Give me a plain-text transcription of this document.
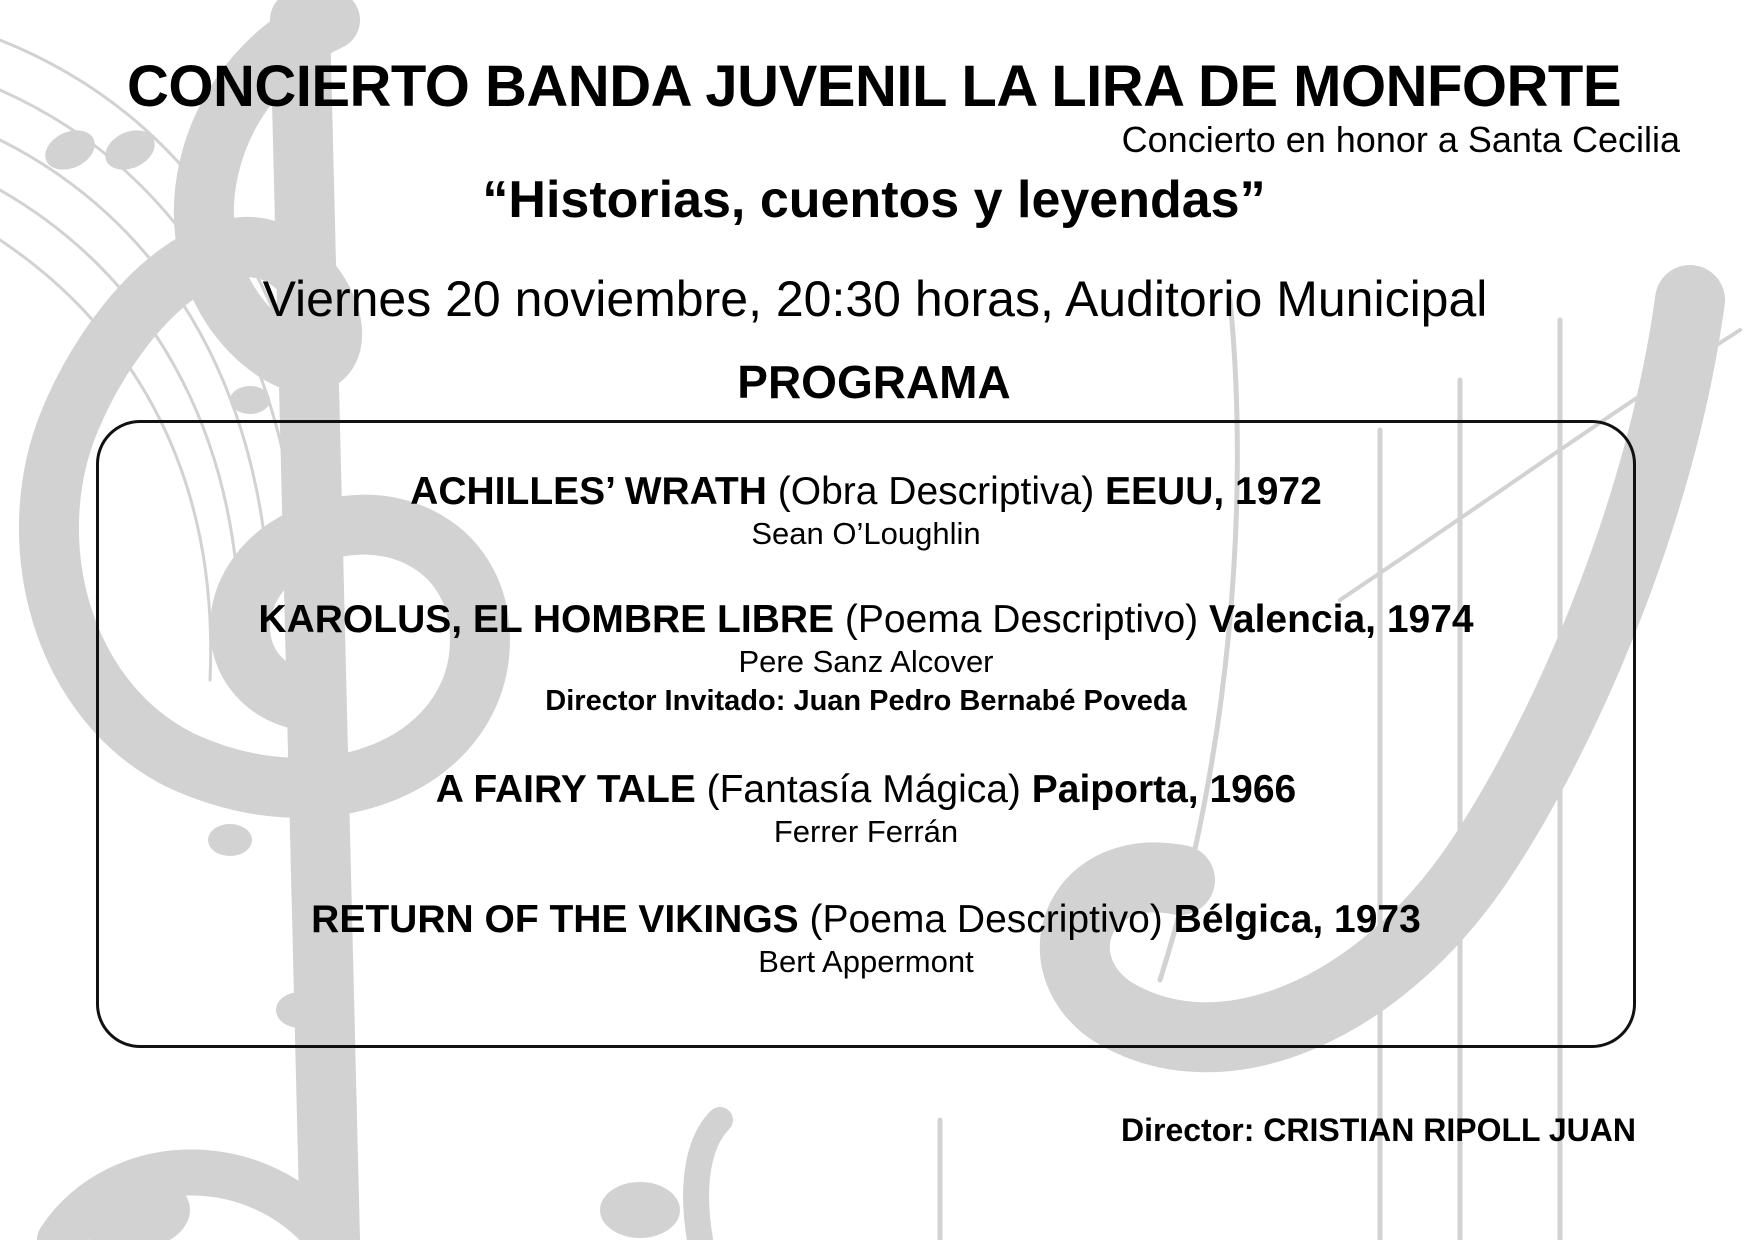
CONCIERTO BANDA JUVENIL LA LIRA DE MONFORTE
Concierto en honor a Santa Cecilia
“Historias, cuentos y leyendas”
Viernes 20 noviembre, 20:30 horas, Auditorio Municipal
PROGRAMA
ACHILLES’ WRATH (Obra Descriptiva) EEUU, 1972
Sean O’Loughlin
KAROLUS, EL HOMBRE LIBRE (Poema Descriptivo) Valencia, 1974
Pere Sanz Alcover
Director Invitado: Juan Pedro Bernabé Poveda
A FAIRY TALE (Fantasía Mágica) Paiporta, 1966
Ferrer Ferrán
RETURN OF THE VIKINGS (Poema Descriptivo) Bélgica, 1973
Bert Appermont
Director: CRISTIAN RIPOLL JUAN
